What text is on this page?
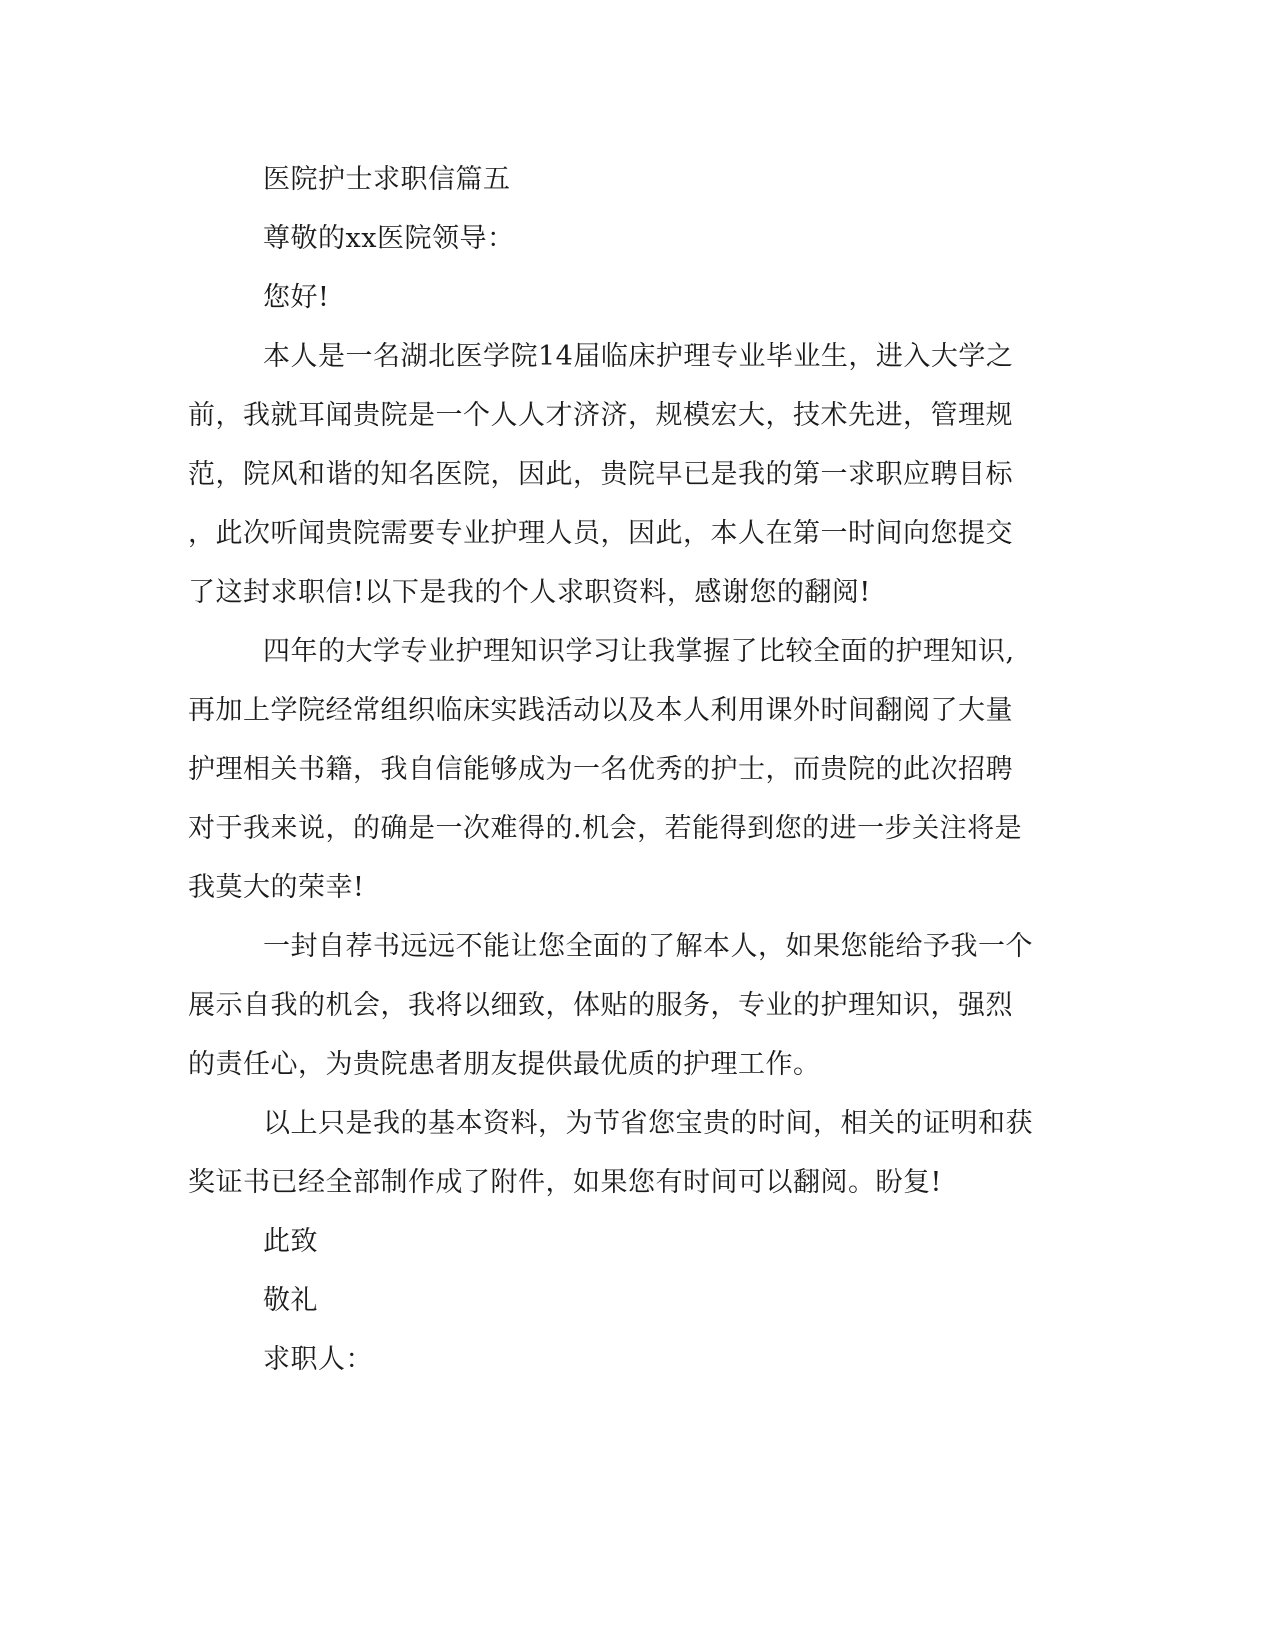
医院护士求职信篇五

尊敬的xx医院领导：

您好!

本人是一名湖北医学院14届临床护理专业毕业生，进入大学之

前，我就耳闻贵院是一个人人才济济，规模宏大，技术先进，管理规

范，院风和谐的知名医院，因此，贵院早已是我的第一求职应聘目标

，此次听闻贵院需要专业护理人员，因此，本人在第一时间向您提交

了这封求职信!以下是我的个人求职资料，感谢您的翻阅!

四年的大学专业护理知识学习让我掌握了比较全面的护理知识,

再加上学院经常组织临床实践活动以及本人利用课外时间翻阅了大量

护理相关书籍，我自信能够成为一名优秀的护士，而贵院的此次招聘

对于我来说，的确是一次难得的.机会，若能得到您的进一步关注将是

我莫大的荣幸!

一封自荐书远远不能让您全面的了解本人，如果您能给予我一个

展示自我的机会，我将以细致，体贴的服务，专业的护理知识，强烈

的责任心，为贵院患者朋友提供最优质的护理工作。

以上只是我的基本资料，为节省您宝贵的时间，相关的证明和获

奖证书已经全部制作成了附件，如果您有时间可以翻阅。盼复!

此致

敬礼

求职人：
